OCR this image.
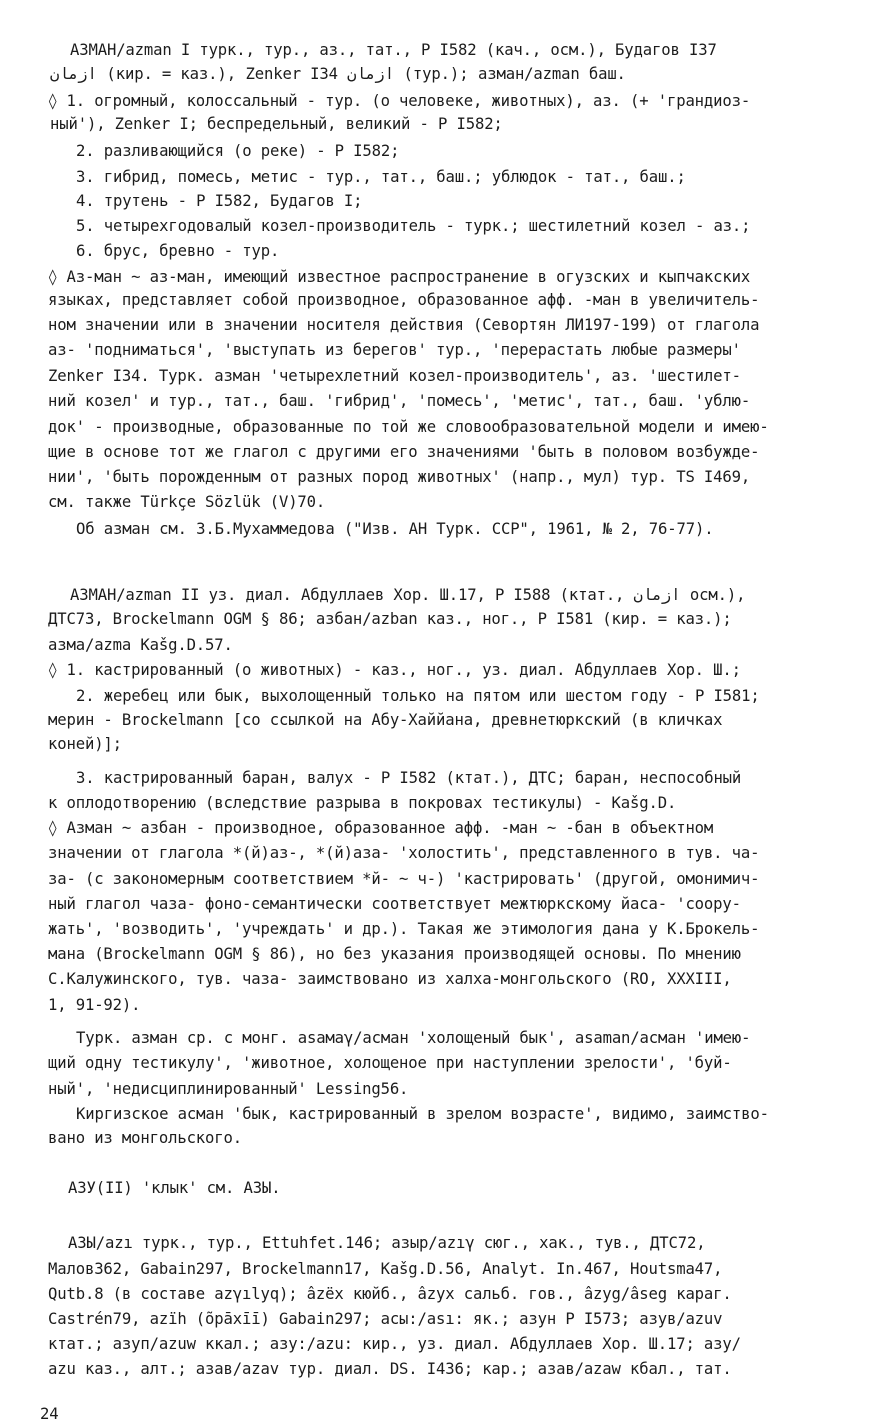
АЗМАН/azman I турк., тур., аз., тат., Р I582 (кач., осм.), Будагов I37
ازمان (кир. = каз.), Zenker I34 ازمان (тур.); азман/azman баш.
◊ 1. огромный, колоссальный - тур. (о человеке, животных), аз. (+ 'грандиоз-
ный'), Zenker I; беспредельный, великий - Р I582;
2. разливающийся (о реке) - Р I582;
3. гибрид, помесь, метис - тур., тат., баш.; ублюдок - тат., баш.;
4. трутень - Р I582, Будагов I;
5. четырехгодовалый козел-производитель - турк.; шестилетний козел - аз.;
6. брус, бревно - тур.
◊ Аз-ман ~ аз-ман, имеющий известное распространение в огузских и кыпчакских
языках, представляет собой производное, образованное афф. -ман в увеличитель-
ном значении или в значении носителя действия (Севортян ЛИ197-199) от глагола
аз- 'подниматься', 'выступать из берегов' тур., 'перерастать любые размеры'
Zenker I34. Турк. азман 'четырехлетний козел-производитель', аз. 'шестилет-
ний козел' и тур., тат., баш. 'гибрид', 'помесь', 'метис', тат., баш. 'ублю-
док' - производные, образованные по той же словообразовательной модели и имею-
щие в основе тот же глагол с другими его значениями 'быть в половом возбужде-
нии', 'быть порожденным от разных пород животных' (напр., мул) тур. TS I469,
см. также Türkçe Sözlük (V)70.
Об азман см. З.Б.Мухаммедова ("Изв. АН Турк. ССР", 1961, № 2, 76-77).
АЗМАН/azman II уз. диал. Абдуллаев Хор. Ш.17, Р I588 (ктат., ازمان осм.),
ДТС73, Brockelmann OGM § 86; азбан/azban каз., ног., Р I581 (кир. = каз.);
азма/azma Kašg.D.57.
◊ 1. кастрированный (о животных) - каз., ног., уз. диал. Абдуллаев Хор. Ш.;
2. жеребец или бык, выхолощенный только на пятом или шестом году - Р I581;
мерин - Brockelmann [со ссылкой на Абу-Хаййана, древнетюркский (в кличках
коней)];
3. кастрированный баран, валух - Р I582 (ктат.), ДТС; баран, неспособный
к оплодотворению (вследствие разрыва в покровах тестикулы) - Kašg.D.
◊ Азман ~ азбан - производное, образованное афф. -ман ~ -бан в объектном
значении от глагола *(й)аз-, *(й)аза- 'холостить', представленного в тув. ча-
за- (с закономерным соответствием *й- ~ ч-) 'кастрировать' (другой, омонимич-
ный глагол чаза- фоно-семантически соответствует межтюркскому йаса- 'соору-
жать', 'возводить', 'учреждать' и др.). Такая же этимология дана у К.Брокель-
мана (Brockelmann OGM § 86), но без указания производящей основы. По мнению
С.Калужинского, тув. чаза- заимствовано из халха-монгольского (RO, XXXIII,
1, 91-92).
Турк. азман ср. с монг. asaмaγ/асман 'холощеный бык', asaman/асман 'имею-
щий одну тестикулу', 'животное, холощеное при наступлении зрелости', 'буй-
ный', 'недисциплинированный' Lessing56.
Киргизское асман 'бык, кастрированный в зрелом возрасте', видимо, заимство-
вано из монгольского.
АЗУ(II) 'клык' см. АЗЫ.
АЗЫ/azı турк., тур., Ettuhfet.146; азыр/azıγ сюг., хак., тув., ДТС72,
Малов362, Gabain297, Brockelmann17, Kašg.D.56, Analyt. In.467, Houtsma47,
Qutb.8 (в составе azγılyq); âzëx кюйб., âzyx сальб. гов., âzyg/âseg караг.
Castrén79, azïh (õpāxīī) Gabain297; асы:/ası: як.; азун Р I573; азув/azuv
ктат.; азуп/azuw ккал.; азу:/azu: кир., уз. диал. Абдуллаев Хор. Ш.17; азу/
azu каз., алт.; азав/azav тур. диал. DS. I436; кар.; азав/azaw кбал., тат.
24
